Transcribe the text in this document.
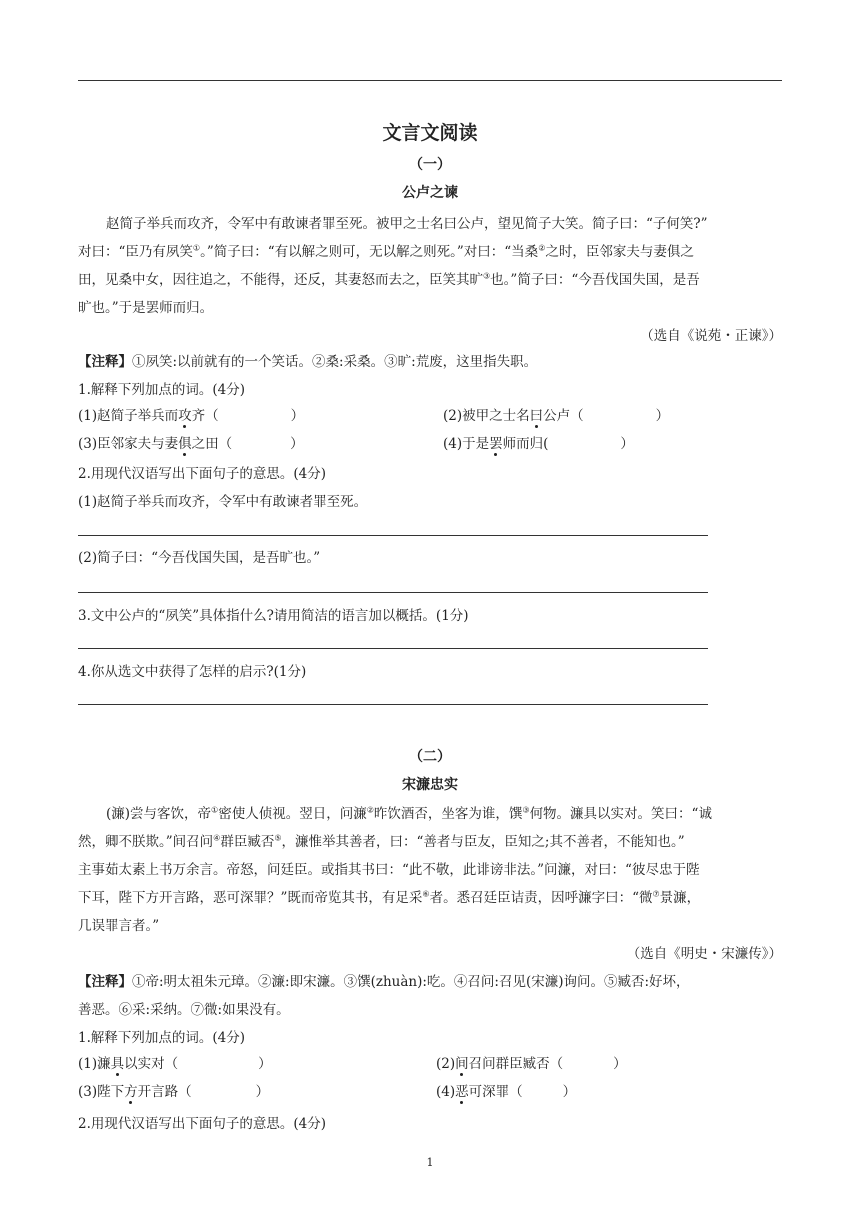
文言文阅读
（一）
公卢之谏
赵简子举兵而攻齐，令军中有敢谏者罪至死。被甲之士名曰公卢，望见简子大笑。简子曰：“子何笑?”
对曰：“臣乃有夙笑①。”简子曰：“有以解之则可，无以解之则死。”对曰：“当桑②之时，臣邻家夫与妻俱之
田，见桑中女，因往追之，不能得，还反，其妻怒而去之，臣笑其旷③也。”简子曰：“今吾伐国失国，是吾
旷也。”于是罢师而归。
（选自《说苑・正谏》）
【注释】①夙笑:以前就有的一个笑话。②桑:采桑。③旷:荒废，这里指失职。
1.解释下列加点的词。(4分)
(1)赵简子举兵而攻齐（	）	(2)被甲之士名曰公卢（	）
(3)臣邻家夫与妻俱之田（	）	(4)于是罢师而归(	）
2.用现代汉语写出下面句子的意思。(4分)
(1)赵简子举兵而攻齐，令军中有敢谏者罪至死。
(2)简子曰：“今吾伐国失国，是吾旷也。”
3.文中公卢的“夙笑”具体指什么?请用简洁的语言加以概括。(1分)
4.你从选文中获得了怎样的启示?(1分)
（二）
宋濂忠实
(濂)尝与客饮，帝①密使人侦视。翌日，问濂②昨饮酒否，坐客为谁，馔③何物。濂具以实对。笑曰：“诚
然，卿不朕欺。”间召问④群臣臧否⑤，濂惟举其善者，曰：“善者与臣友，臣知之;其不善者，不能知也。”
主事茹太素上书万余言。帝怒，问廷臣。或指其书曰：“此不敬，此诽谤非法。”问濂，对曰：“彼尽忠于陛
下耳，陛下方开言路，恶可深罪？”既而帝览其书，有足采⑥者。悉召廷臣诘责，因呼濂字曰：“微⑦景濂，
几误罪言者。”
（选自《明史・宋濂传》）
【注释】①帝:明太祖朱元璋。②濂:即宋濂。③馔(zhuàn):吃。④召问:召见(宋濂)询问。⑤臧否:好坏，
善恶。⑥采:采纳。⑦微:如果没有。
1.解释下列加点的词。(4分)
(1)濂具以实对（	）	(2)间召问群臣臧否（	）
(3)陛下方开言路（	）	(4)恶可深罪（	）
2.用现代汉语写出下面句子的意思。(4分)
1
